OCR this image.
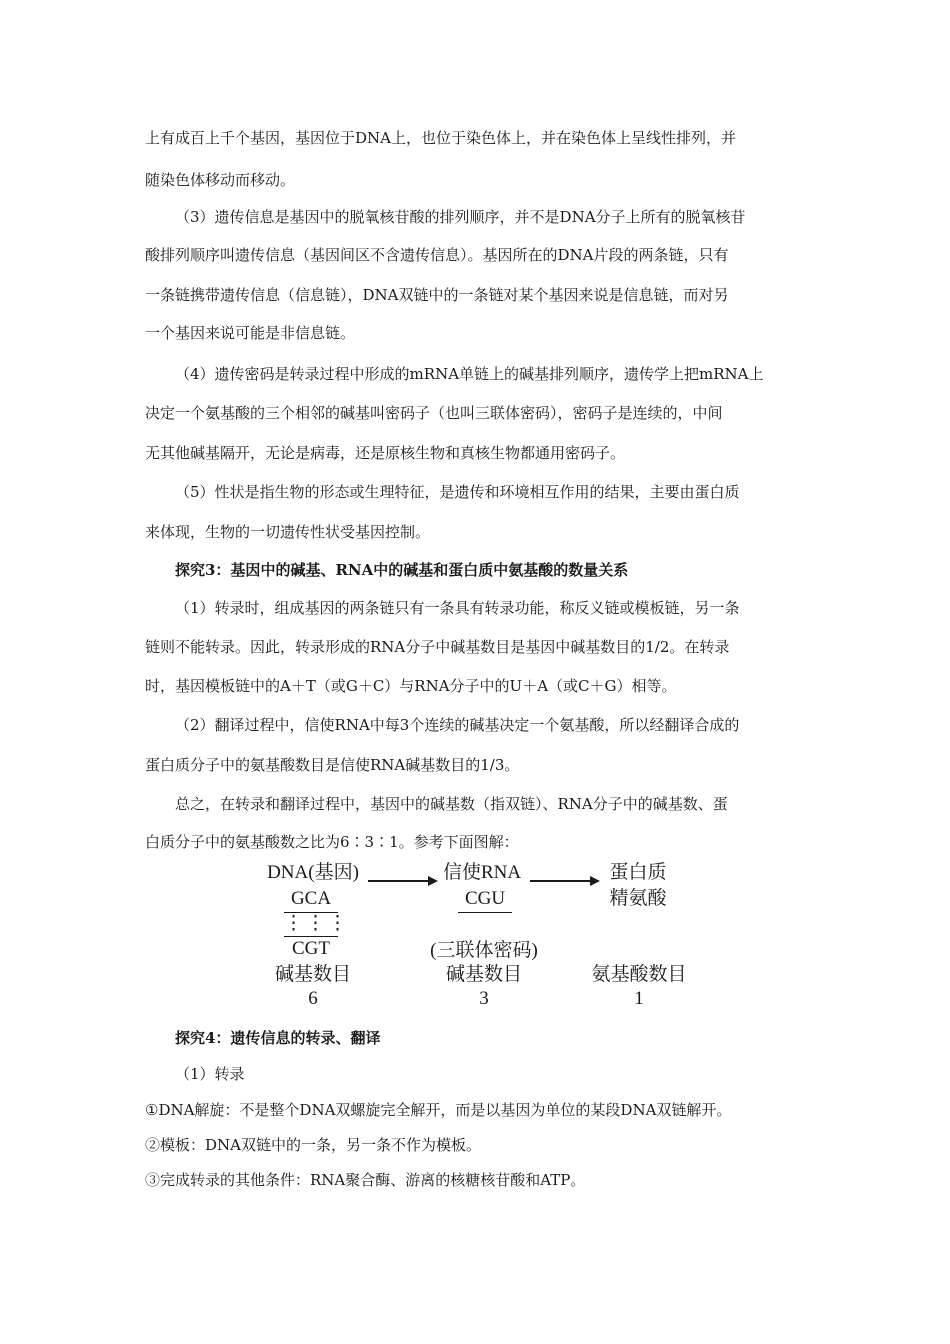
上有成百上千个基因，基因位于DNA上，也位于染色体上，并在染色体上呈线性排列，并
随染色体移动而移动。
（3）遗传信息是基因中的脱氧核苷酸的排列顺序，并不是DNA分子上所有的脱氧核苷
酸排列顺序叫遗传信息（基因间区不含遗传信息）。基因所在的DNA片段的两条链，只有
一条链携带遗传信息（信息链），DNA双链中的一条链对某个基因来说是信息链，而对另
一个基因来说可能是非信息链。
（4）遗传密码是转录过程中形成的mRNA单链上的碱基排列顺序，遗传学上把mRNA上
决定一个氨基酸的三个相邻的碱基叫密码子（也叫三联体密码），密码子是连续的，中间
无其他碱基隔开，无论是病毒，还是原核生物和真核生物都通用密码子。
（5）性状是指生物的形态或生理特征，是遗传和环境相互作用的结果，主要由蛋白质
来体现，生物的一切遗传性状受基因控制。
探究3：基因中的碱基、RNA中的碱基和蛋白质中氨基酸的数量关系
（1）转录时，组成基因的两条链只有一条具有转录功能，称反义链或模板链，另一条
链则不能转录。因此，转录形成的RNA分子中碱基数目是基因中碱基数目的1/2。在转录
时，基因模板链中的A＋T（或G＋C）与RNA分子中的U＋A（或C＋G）相等。
（2）翻译过程中，信使RNA中每3个连续的碱基决定一个氨基酸，所以经翻译合成的
蛋白质分子中的氨基酸数目是信使RNA碱基数目的1/3。
总之，在转录和翻译过程中，基因中的碱基数（指双链）、RNA分子中的碱基数、蛋
白质分子中的氨基酸数之比为6∶3∶1。参考下面图解：
DNA(基因)
GCA
⋮⋮⋮
CGT
碱基数目
6
信使RNA
CGU
(三联体密码)
碱基数目
3
蛋白质
精氨酸
氨基酸数目
1
探究4：遗传信息的转录、翻译
（1）转录
①DNA解旋：不是整个DNA双螺旋完全解开，而是以基因为单位的某段DNA双链解开。
②模板：DNA双链中的一条，另一条不作为模板。
③完成转录的其他条件：RNA聚合酶、游离的核糖核苷酸和ATP。
